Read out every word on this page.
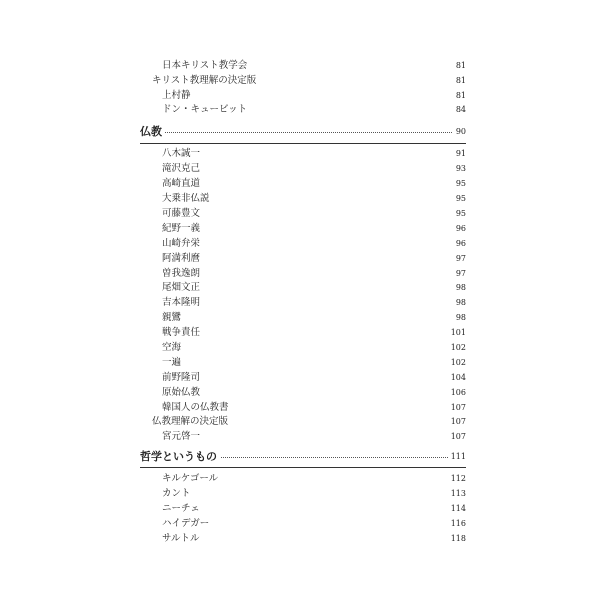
日本キリスト教学会	81
キリスト教理解の決定版	81
上村静	81
ドン・キュービット	84
仏教	90
八木誠一	91
滝沢克己	93
高崎直道	95
大乗非仏説	95
可藤豊文	95
紀野一義	96
山崎弁栄	96
阿満利麿	97
曽我逸朗	97
尾畑文正	98
吉本隆明	98
親鸞	98
戦争責任	101
空海	102
一遍	102
前野隆司	104
原始仏教	106
韓国人の仏教書	107
仏教理解の決定版	107
宮元啓一	107
哲学というもの	111
キルケゴール	112
カント	113
ニーチェ	114
ハイデガー	116
サルトル	118
